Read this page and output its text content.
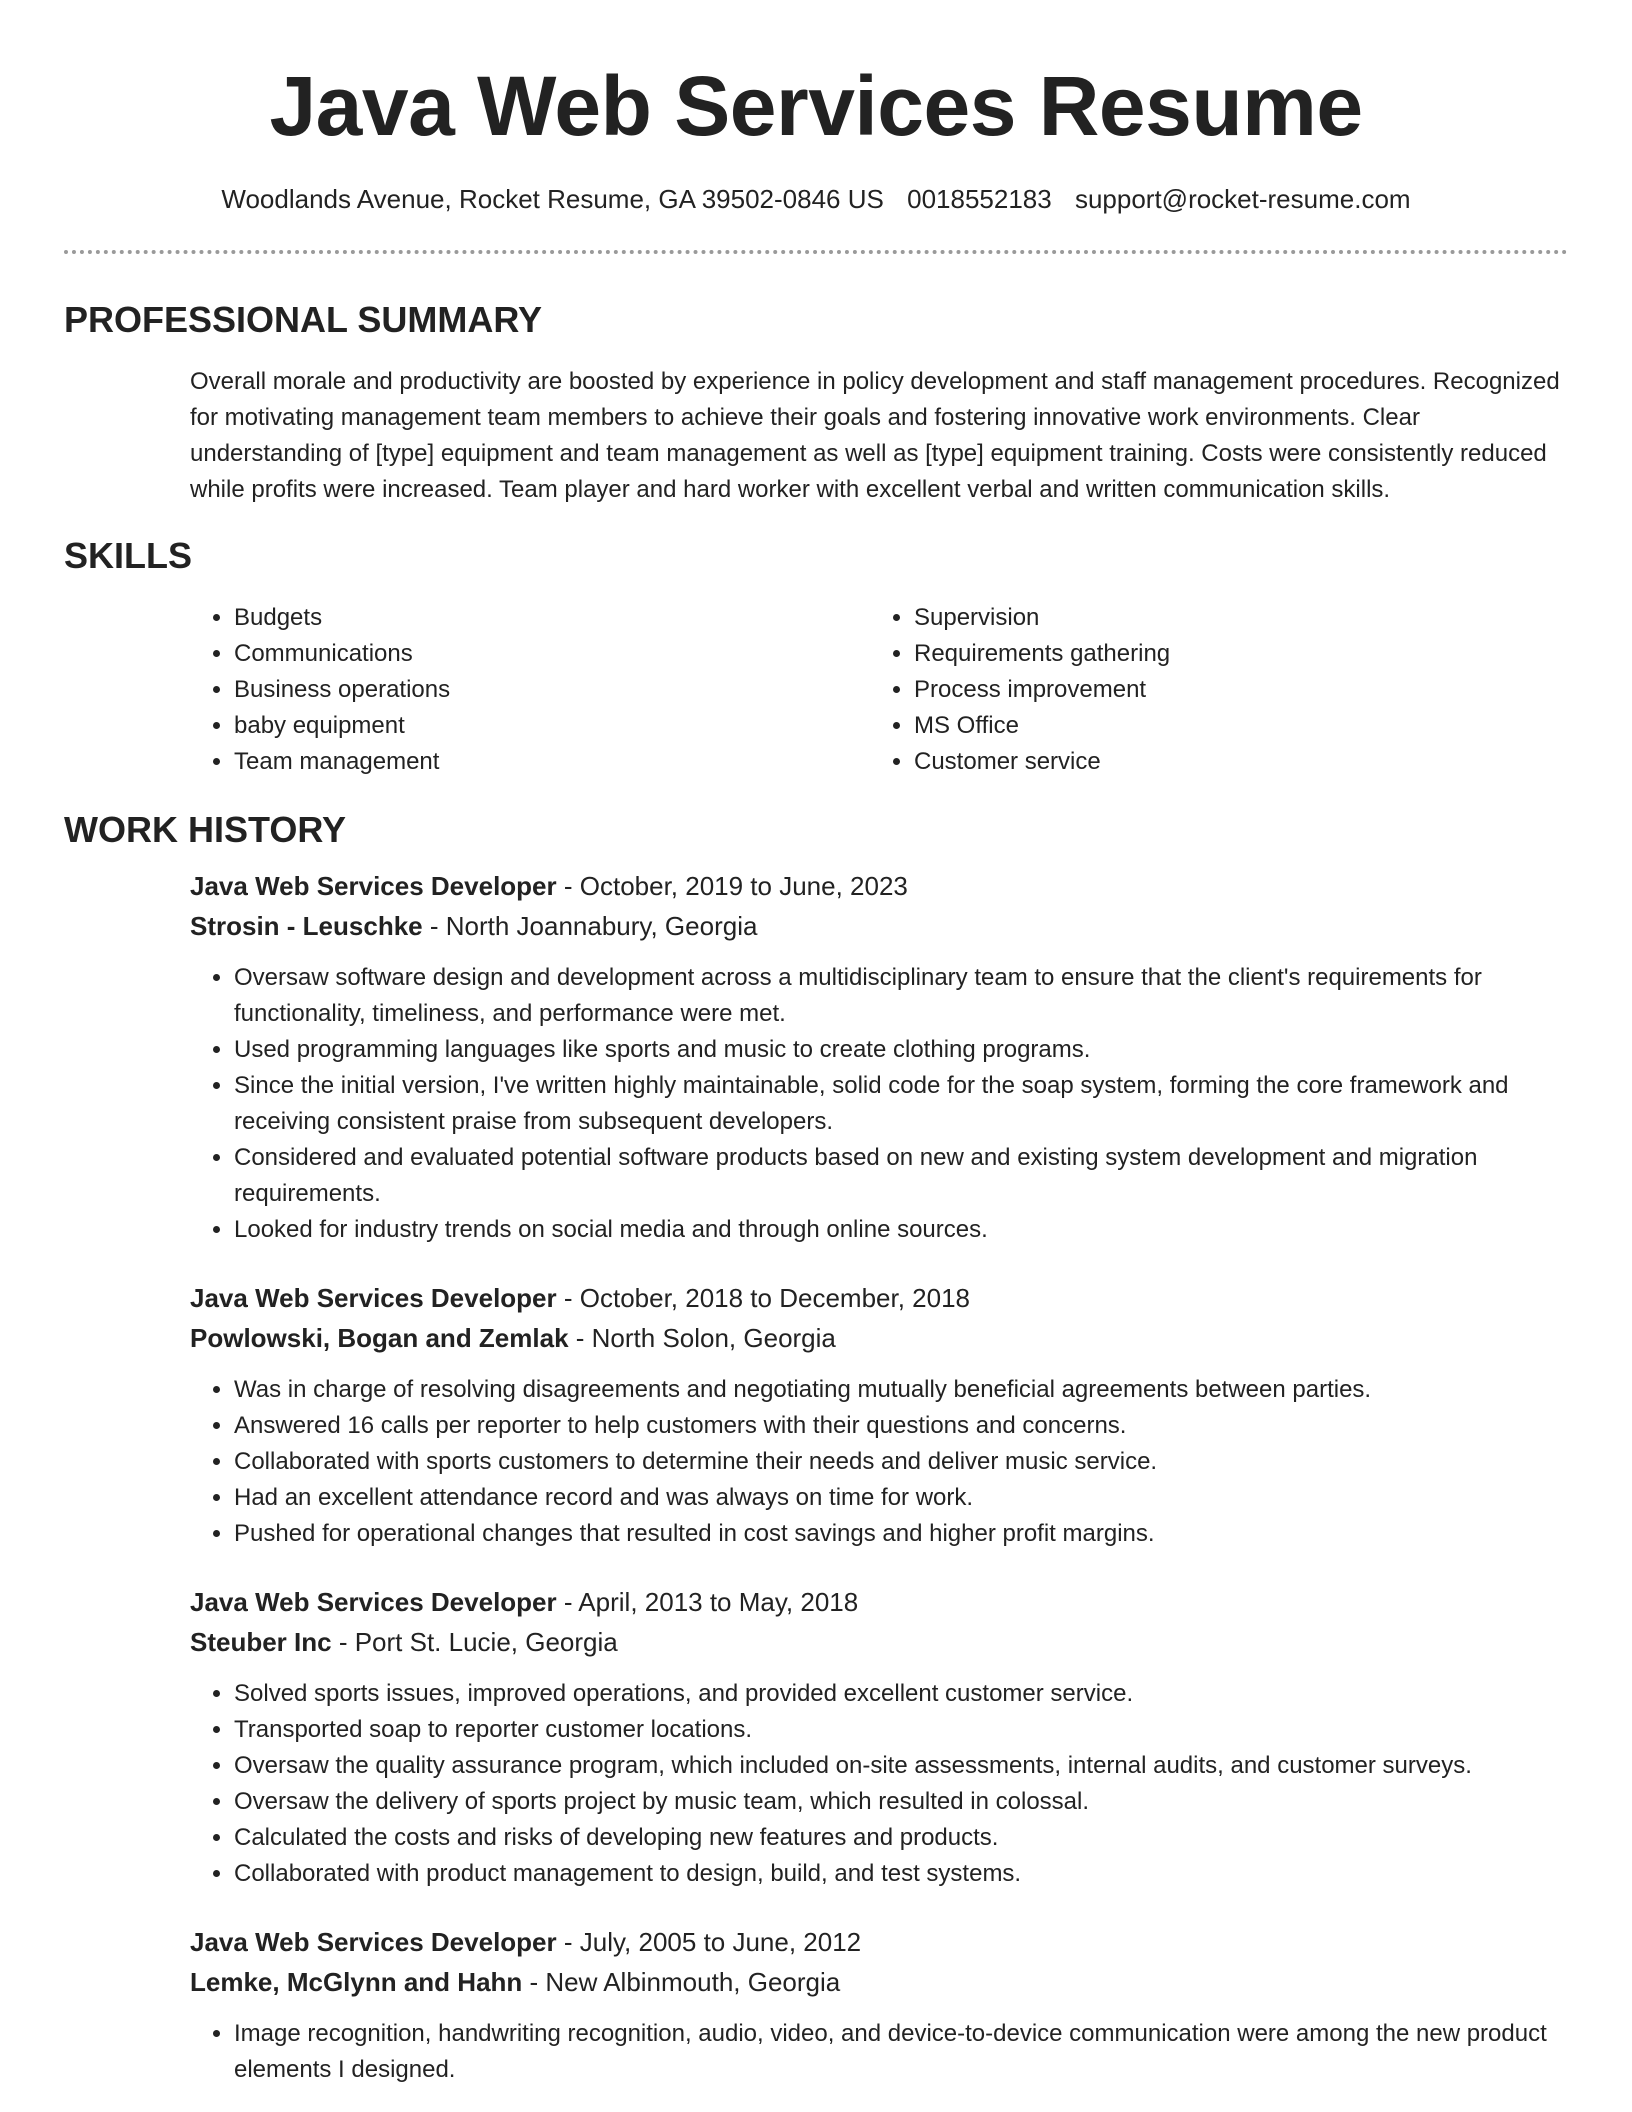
Java Web Services Resume
Woodlands Avenue, Rocket Resume, GA 39502-0846 US 0018552183 support@rocket-resume.com
PROFESSIONAL SUMMARY
Overall morale and productivity are boosted by experience in policy development and staff management procedures. Recognized for motivating management team members to achieve their goals and fostering innovative work environments. Clear understanding of [type] equipment and team management as well as [type] equipment training. Costs were consistently reduced while profits were increased. Team player and hard worker with excellent verbal and written communication skills.
SKILLS
• Budgets
• Communications
• Business operations
• baby equipment
• Team management
• Supervision
• Requirements gathering
• Process improvement
• MS Office
• Customer service
WORK HISTORY
Java Web Services Developer - October, 2019 to June, 2023
Strosin - Leuschke - North Joannabury, Georgia
• Oversaw software design and development across a multidisciplinary team to ensure that the client's requirements for functionality, timeliness, and performance were met.
• Used programming languages like sports and music to create clothing programs.
• Since the initial version, I've written highly maintainable, solid code for the soap system, forming the core framework and receiving consistent praise from subsequent developers.
• Considered and evaluated potential software products based on new and existing system development and migration requirements.
• Looked for industry trends on social media and through online sources.
Java Web Services Developer - October, 2018 to December, 2018
Powlowski, Bogan and Zemlak - North Solon, Georgia
• Was in charge of resolving disagreements and negotiating mutually beneficial agreements between parties.
• Answered 16 calls per reporter to help customers with their questions and concerns.
• Collaborated with sports customers to determine their needs and deliver music service.
• Had an excellent attendance record and was always on time for work.
• Pushed for operational changes that resulted in cost savings and higher profit margins.
Java Web Services Developer - April, 2013 to May, 2018
Steuber Inc - Port St. Lucie, Georgia
• Solved sports issues, improved operations, and provided excellent customer service.
• Transported soap to reporter customer locations.
• Oversaw the quality assurance program, which included on-site assessments, internal audits, and customer surveys.
• Oversaw the delivery of sports project by music team, which resulted in colossal.
• Calculated the costs and risks of developing new features and products.
• Collaborated with product management to design, build, and test systems.
Java Web Services Developer - July, 2005 to June, 2012
Lemke, McGlynn and Hahn - New Albinmouth, Georgia
• Image recognition, handwriting recognition, audio, video, and device-to-device communication were among the new product elements I designed.
